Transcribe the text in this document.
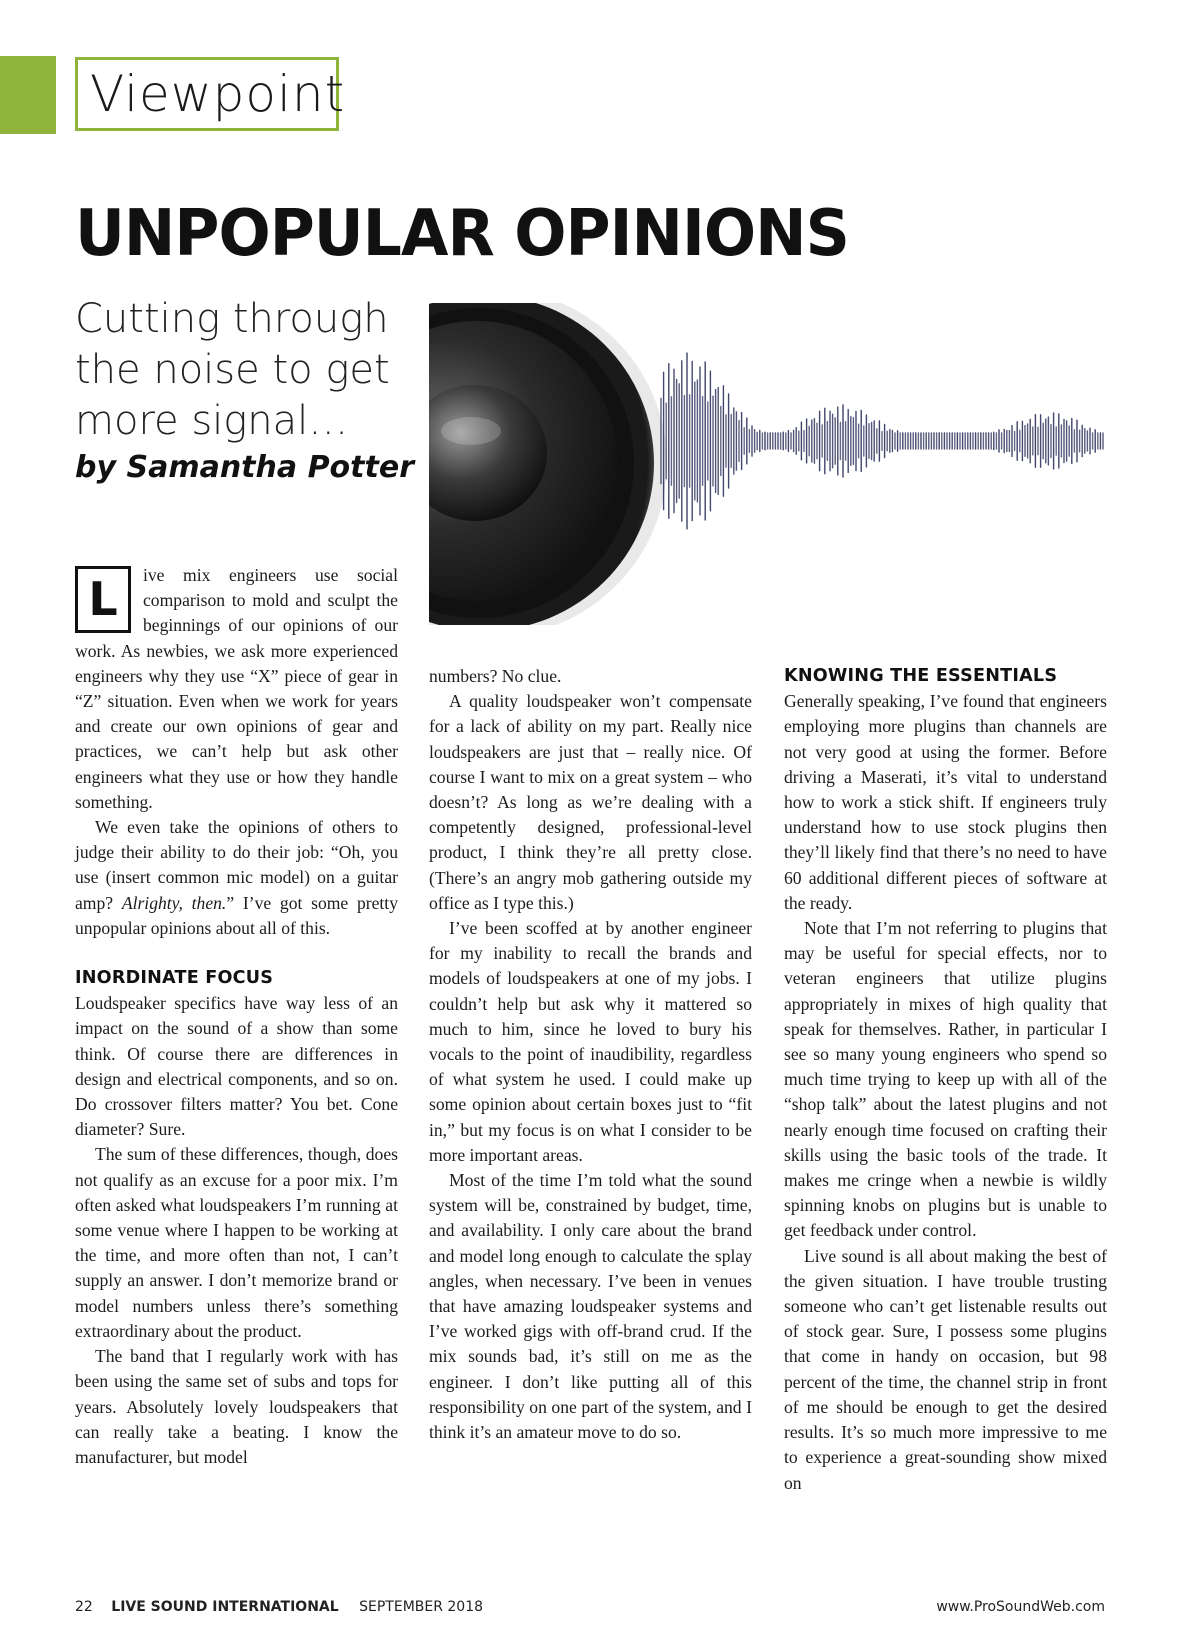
Viewpoint
UNPOPULAR OPINIONS
Cutting through the noise to get more signal…
by Samantha Potter
L	ive mix engineers use social comparison to mold and sculpt the beginnings of our opinions of our work. As newbies, we ask more experienced engineers why they use “X” piece of gear in “Z” situation. Even when we work for years and create our own opinions of gear and practices, we can’t help but ask other engineers what they use or how they handle something.

We even take the opinions of others to judge their ability to do their job: “Oh, you use (insert common mic model) on a guitar amp? Alrighty, then.” I’ve got some pretty unpopular opinions about all of this.

INORDINATE FOCUS

Loudspeaker specifics have way less of an impact on the sound of a show than some think. Of course there are differences in design and electrical components, and so on. Do crossover filters matter? You bet. Cone diameter? Sure.

The sum of these differences, though, does not qualify as an excuse for a poor mix. I’m often asked what loudspeakers I’m running at some venue where I happen to be working at the time, and more often than not, I can’t supply an answer. I don’t memorize brand or model numbers unless there’s something extraordinary about the product.

The band that I regularly work with has been using the same set of subs and tops for years. Absolutely lovely loudspeakers that can really take a beating. I know the manufacturer, but model

numbers? No clue.

A quality loudspeaker won’t compensate for a lack of ability on my part. Really nice loudspeakers are just that – really nice. Of course I want to mix on a great system – who doesn’t? As long as we’re dealing with a competently designed, professional-level product, I think they’re all pretty close. (There’s an angry mob gathering outside my office as I type this.)

I’ve been scoffed at by another engineer for my inability to recall the brands and models of loudspeakers at one of my jobs. I couldn’t help but ask why it mattered so much to him, since he loved to bury his vocals to the point of inaudibility, regardless of what system he used. I could make up some opinion about certain boxes just to “fit in,” but my focus is on what I consider to be more important areas.

Most of the time I’m told what the sound system will be, constrained by budget, time, and availability. I only care about the brand and model long enough to calculate the splay angles, when necessary. I’ve been in venues that have amazing loudspeaker systems and I’ve worked gigs with off-brand crud. If the mix sounds bad, it’s still on me as the engineer. I don’t like putting all of this responsibility on one part of the system, and I think it’s an amateur move to do so.

KNOWING THE ESSENTIALS

Generally speaking, I’ve found that engineers employing more plugins than channels are not very good at using the former. Before driving a Maserati, it’s vital to understand how to work a stick shift. If engineers truly understand how to use stock plugins then they’ll likely find that there’s no need to have 60 additional different pieces of software at the ready.

Note that I’m not referring to plugins that may be useful for special effects, nor to veteran engineers that utilize plugins appropriately in mixes of high quality that speak for themselves. Rather, in particular I see so many young engineers who spend so much time trying to keep up with all of the “shop talk” about the latest plugins and not nearly enough time focused on crafting their skills using the basic tools of the trade. It makes me cringe when a newbie is wildly spinning knobs on plugins but is unable to get feedback under control.

Live sound is all about making the best of the given situation. I have trouble trusting someone who can’t get listenable results out of stock gear. Sure, I possess some plugins that come in handy on occasion, but 98 percent of the time, the channel strip in front of me should be enough to get the desired results. It’s so much more impressive to me to experience a great-sounding show mixed on

22 LIVE SOUND INTERNATIONAL SEPTEMBER 2018	www.ProSoundWeb.com
